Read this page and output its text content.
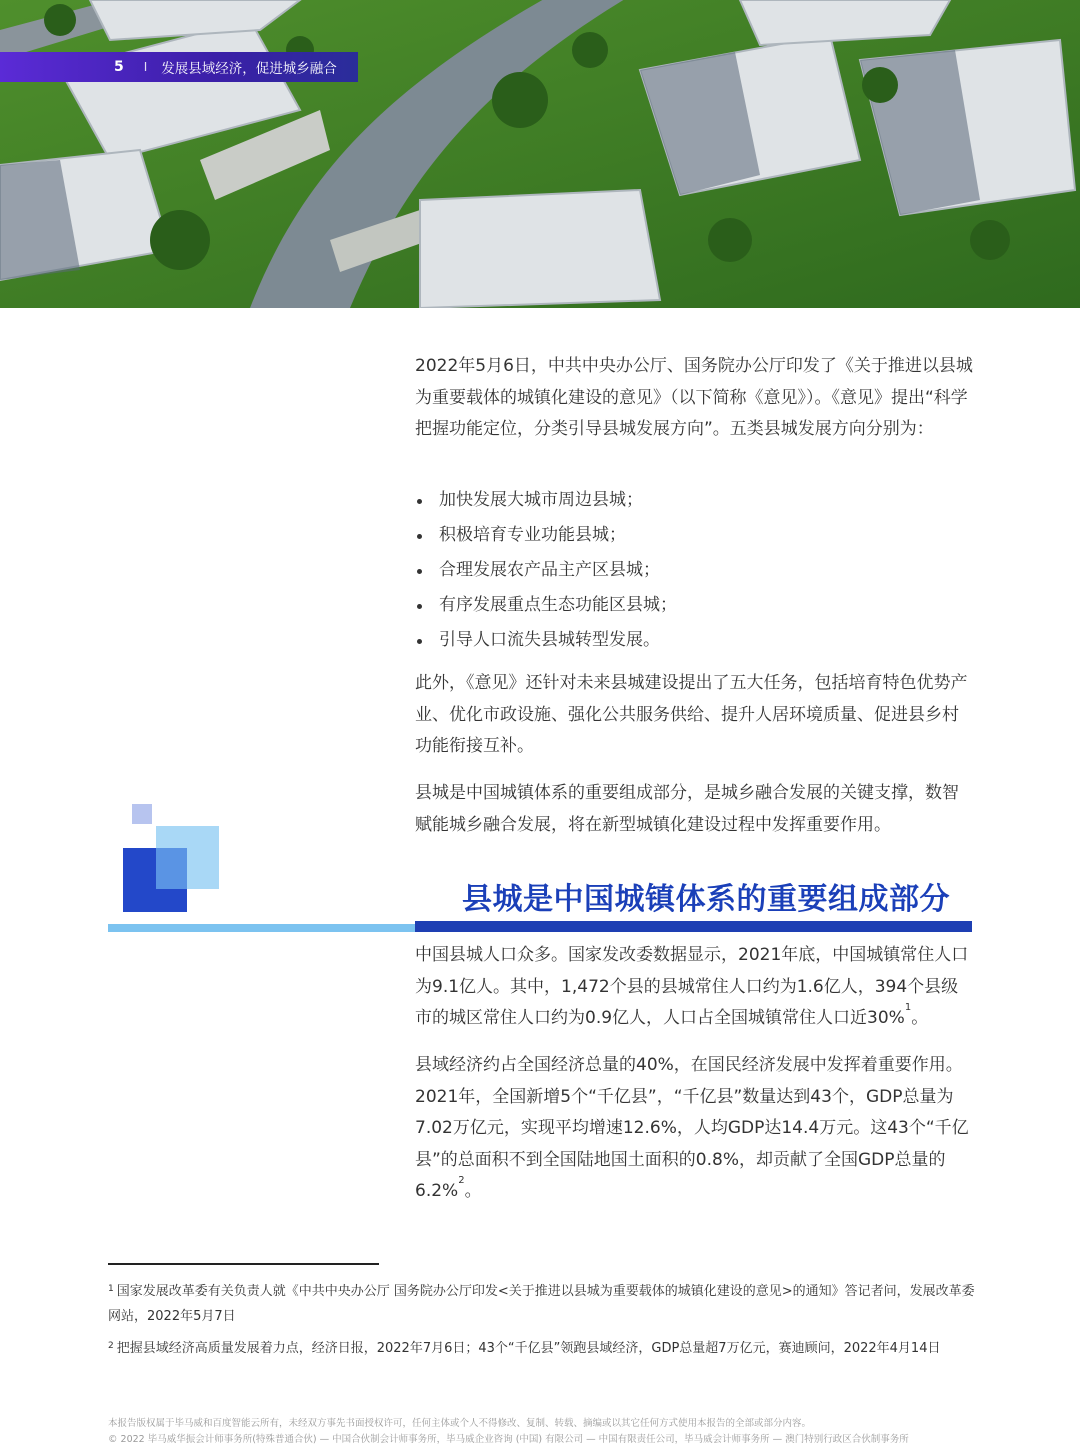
5 I 发展县域经济，促进城乡融合

2022年5月6日，中共中央办公厅、国务院办公厅印发了《关于推进以县城为重要载体的城镇化建设的意见》（以下简称《意见》）。《意见》提出“科学把握功能定位，分类引导县城发展方向”。五类县城发展方向分别为：

加快发展大城市周边县城；
积极培育专业功能县城；
合理发展农产品主产区县城；
有序发展重点生态功能区县城；
引导人口流失县城转型发展。

此外，《意见》还针对未来县城建设提出了五大任务，包括培育特色优势产业、优化市政设施、强化公共服务供给、提升人居环境质量、促进县乡村功能衔接互补。

县城是中国城镇体系的重要组成部分，是城乡融合发展的关键支撑，数智赋能城乡融合发展，将在新型城镇化建设过程中发挥重要作用。

县城是中国城镇体系的重要组成部分

中国县城人口众多。国家发改委数据显示，2021年底，中国城镇常住人口为9.1亿人。其中，1,472个县的县城常住人口约为1.6亿人，394个县级市的城区常住人口约为0.9亿人，人口占全国城镇常住人口近30%$^1$。

县域经济约占全国经济总量的40%，在国民经济发展中发挥着重要作用。2021年，全国新增5个“千亿县”，“千亿县”数量达到43个，GDP总量为7.02万亿元，实现平均增速12.6%，人均GDP达14.4万元。这43个“千亿县”的总面积不到全国陆地国土面积的0.8%，却贡献了全国GDP总量的6.2%$^2$。

$^1$ 国家发展改革委有关负责人就《中共中央办公厅 国务院办公厅印发<关于推进以县城为重要载体的城镇化建设的意见>的通知》答记者问，发展改革委网站，2022年5月7日
$^2$ 把握县域经济高质量发展着力点，经济日报，2022年7月6日；43个“千亿县”领跑县域经济，GDP总量超7万亿元，赛迪顾问，2022年4月14日
本报告版权属于毕马威和百度智能云所有，未经双方事先书面授权许可，任何主体或个人不得修改、复制、转载、摘编或以其它任何方式使用本报告的全部或部分内容。
© 2022 毕马威华振会计师事务所(特殊普通合伙) — 中国合伙制会计师事务所，毕马威企业咨询 (中国) 有限公司 — 中国有限责任公司，毕马威会计师事务所 — 澳门特别行政区合伙制事务所
